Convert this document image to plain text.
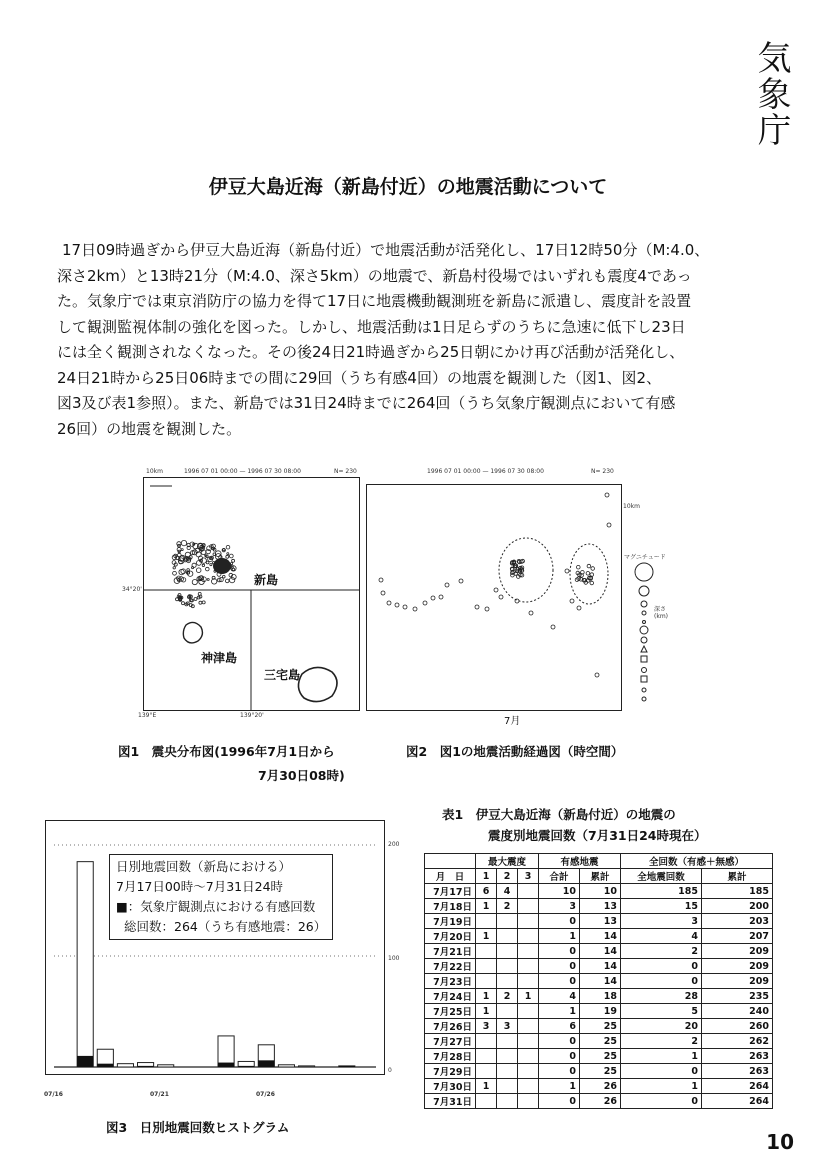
気象庁
伊豆大島近海（新島付近）の地震活動について

17日09時過ぎから伊豆大島近海（新島付近）で地震活動が活発化し、17日12時50分（M:4.0、

深さ2km）と13時21分（M:4.0、深さ5km）の地震で、新島村役場ではいずれも震度4であっ

た。気象庁では東京消防庁の協力を得て17日に地震機動観測班を新島に派遣し、震度計を設置

して観測監視体制の強化を図った。しかし、地震活動は1日足らずのうちに急速に低下し23日

には全く観測されなくなった。その後24日21時過ぎから25日朝にかけ再び活動が活発化し、

24日21時から25日06時までの間に29回（うち有感4回）の地震を観測した（図1、図2、

図3及び表1参照）。また、新島では31日24時までに264回（うち気象庁観測点において有感

26回）の地震を観測した。

10km	1996 07 01 00:00 — 1996 07 30 08:00	N= 230
34°20'
139°E	139°20'
新島
神津島
三宅島
図1　震央分布図(1996年7月1日から
7月30日08時)
1996 07 01 00:00 — 1996 07 30 08:00	N= 230
10km
7月
マグニチュード
深さ(km)
図2　図1の地震活動経過図（時空間）
日別地震回数（新島における）
7月17日00時～7月31日24時
■：気象庁観測点における有感回数
総回数：264（うち有感地震：26）
200
100
0
07/16	07/21	07/26
図3　日別地震回数ヒストグラム
表1　伊豆大島近海（新島付近）の地震の
震度別地震回数（7月31日24時現在）
	最大震度			有感地震		全回数（有感＋無感）	
月　日	1	2	3	合計	累計	全地震回数	累計
7月17日	6	4		10	10	185	185
7月18日	1	2		3	13	15	200
7月19日				0	13	3	203
7月20日	1			1	14	4	207
7月21日				0	14	2	209
7月22日				0	14	0	209
7月23日				0	14	0	209
7月24日	1	2	1	4	18	28	235
7月25日	1			1	19	5	240
7月26日	3	3		6	25	20	260
7月27日				0	25	2	262
7月28日				0	25	1	263
7月29日				0	25	0	263
7月30日	1			1	26	1	264
7月31日				0	26	0	264
10
